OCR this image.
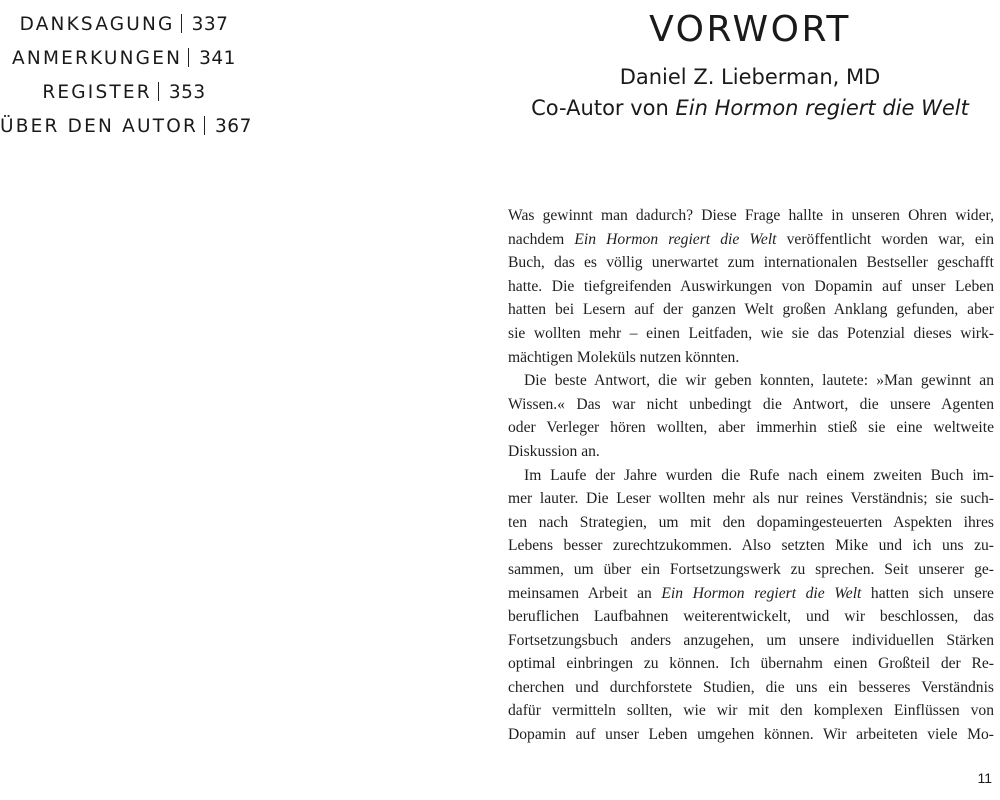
DANKSAGUNG 337
ANMERKUNGEN 341
REGISTER 353
ÜBER DEN AUTOR 367
VORWORT
Daniel Z. Lieberman, MD
Co-Autor von Ein Hormon regiert die Welt
Was gewinnt man dadurch? Diese Frage hallte in unseren Ohren wider,
nachdem Ein Hormon regiert die Welt veröffentlicht worden war, ein
Buch, das es völlig unerwartet zum internationalen Bestseller geschafft
hatte. Die tiefgreifenden Auswirkungen von Dopamin auf unser Leben
hatten bei Lesern auf der ganzen Welt großen Anklang gefunden, aber
sie wollten mehr – einen Leitfaden, wie sie das Potenzial dieses wirk-
mächtigen Moleküls nutzen könnten.
Die beste Antwort, die wir geben konnten, lautete: »Man gewinnt an
Wissen.« Das war nicht unbedingt die Antwort, die unsere Agenten
oder Verleger hören wollten, aber immerhin stieß sie eine weltweite
Diskussion an.
Im Laufe der Jahre wurden die Rufe nach einem zweiten Buch im-
mer lauter. Die Leser wollten mehr als nur reines Verständnis; sie such-
ten nach Strategien, um mit den dopamingesteuerten Aspekten ihres
Lebens besser zurechtzukommen. Also setzten Mike und ich uns zu-
sammen, um über ein Fortsetzungswerk zu sprechen. Seit unserer ge-
meinsamen Arbeit an Ein Hormon regiert die Welt hatten sich unsere
beruflichen Laufbahnen weiterentwickelt, und wir beschlossen, das
Fortsetzungsbuch anders anzugehen, um unsere individuellen Stärken
optimal einbringen zu können. Ich übernahm einen Großteil der Re-
cherchen und durchforstete Studien, die uns ein besseres Verständnis
dafür vermitteln sollten, wie wir mit den komplexen Einflüssen von
Dopamin auf unser Leben umgehen können. Wir arbeiteten viele Mo-
11
